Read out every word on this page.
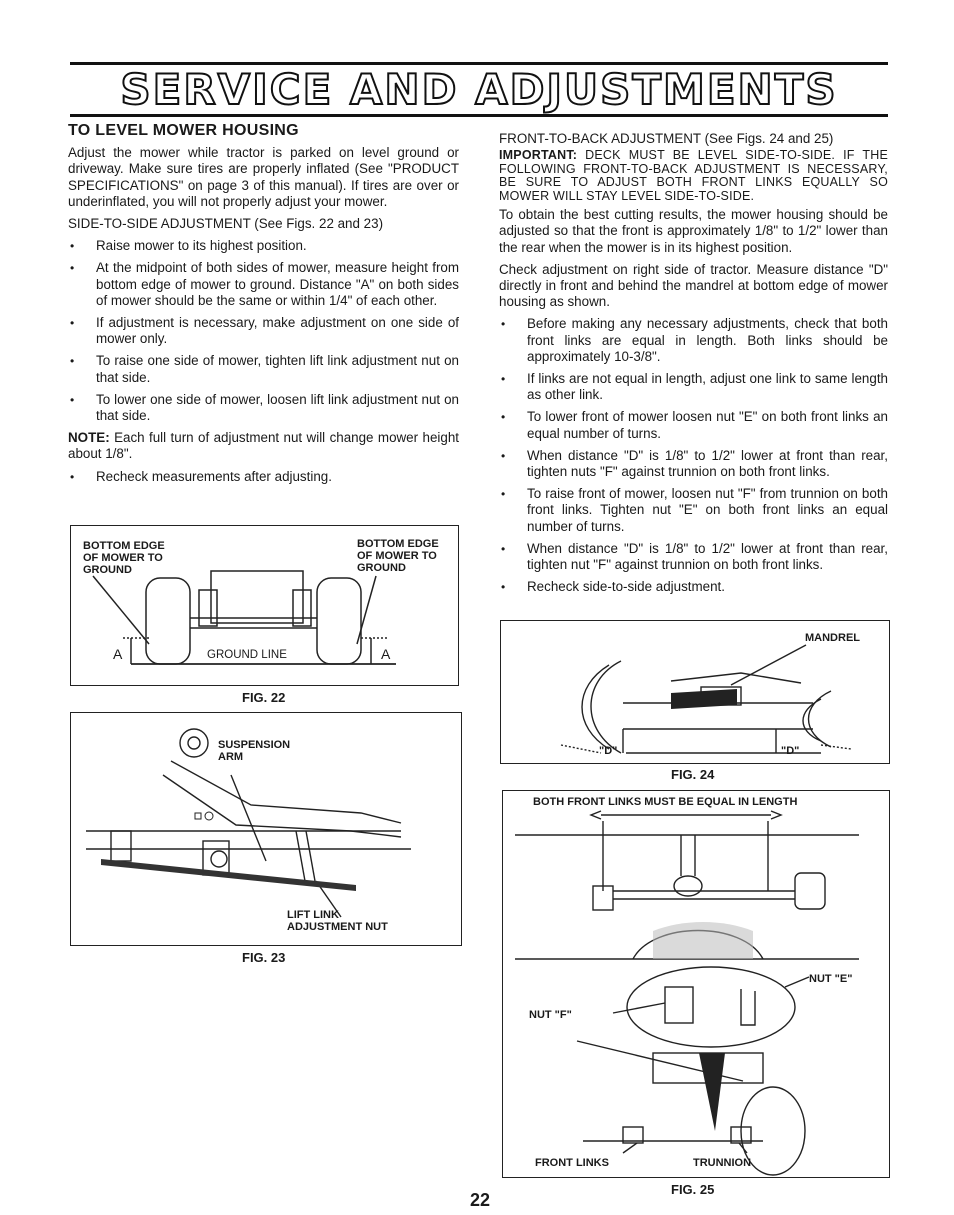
SERVICE AND ADJUSTMENTS
TO LEVEL MOWER HOUSING

Adjust the mower while tractor is parked on level ground or driveway. Make sure tires are properly inflated (See "PRODUCT SPECIFICATIONS" on page 3 of this manual). If tires are over or underinflated, you will not properly adjust your mower.

SIDE-TO-SIDE ADJUSTMENT (See Figs. 22 and 23)

• Raise mower to its highest position.
• At the midpoint of both sides of mower, measure height from bottom edge of mower to ground. Distance "A" on both sides of mower should be the same or within 1/4" of each other.
• If adjustment is necessary, make adjustment on one side of mower only.
• To raise one side of mower, tighten lift link adjustment nut on that side.
• To lower one side of mower, loosen lift link adjustment nut on that side.

NOTE: Each full turn of adjustment nut will change mower height about 1/8".

• Recheck measurements after adjusting.
BOTTOM EDGE
OF MOWER TO
GROUND
BOTTOM EDGE
OF MOWER TO
GROUND
GROUND LINE
A	A
FIG. 22
SUSPENSION
ARM
LIFT LINK
ADJUSTMENT NUT
FIG. 23

FRONT-TO-BACK ADJUSTMENT (See Figs. 24 and 25)

IMPORTANT: DECK MUST BE LEVEL SIDE-TO-SIDE. IF THE FOLLOWING FRONT-TO-BACK ADJUSTMENT IS NECESSARY, BE SURE TO ADJUST BOTH FRONT LINKS EQUALLY SO MOWER WILL STAY LEVEL SIDE-TO-SIDE.

To obtain the best cutting results, the mower housing should be adjusted so that the front is approximately 1/8" to 1/2" lower than the rear when the mower is in its highest position.

Check adjustment on right side of tractor. Measure distance "D" directly in front and behind the mandrel at bottom edge of mower housing as shown.

• Before making any necessary adjustments, check that both front links are equal in length. Both links should be approximately 10-3/8".
• If links are not equal in length, adjust one link to same length as other link.
• To lower front of mower loosen nut "E" on both front links an equal number of turns.
• When distance "D" is 1/8" to 1/2" lower at front than rear, tighten nuts "F" against trunnion on both front links.
• To raise front of mower, loosen nut "F" from trunnion on both front links. Tighten nut "E" on both front links an equal number of turns.
• When distance "D" is 1/8" to 1/2" lower at front than rear, tighten nut "F" against trunnion on both front links.
• Recheck side-to-side adjustment.
MANDREL
"D"	"D"
FIG. 24
BOTH FRONT LINKS MUST BE EQUAL IN LENGTH
NUT "E"
NUT "F"
FRONT LINKS	TRUNNION
FIG. 25
22
